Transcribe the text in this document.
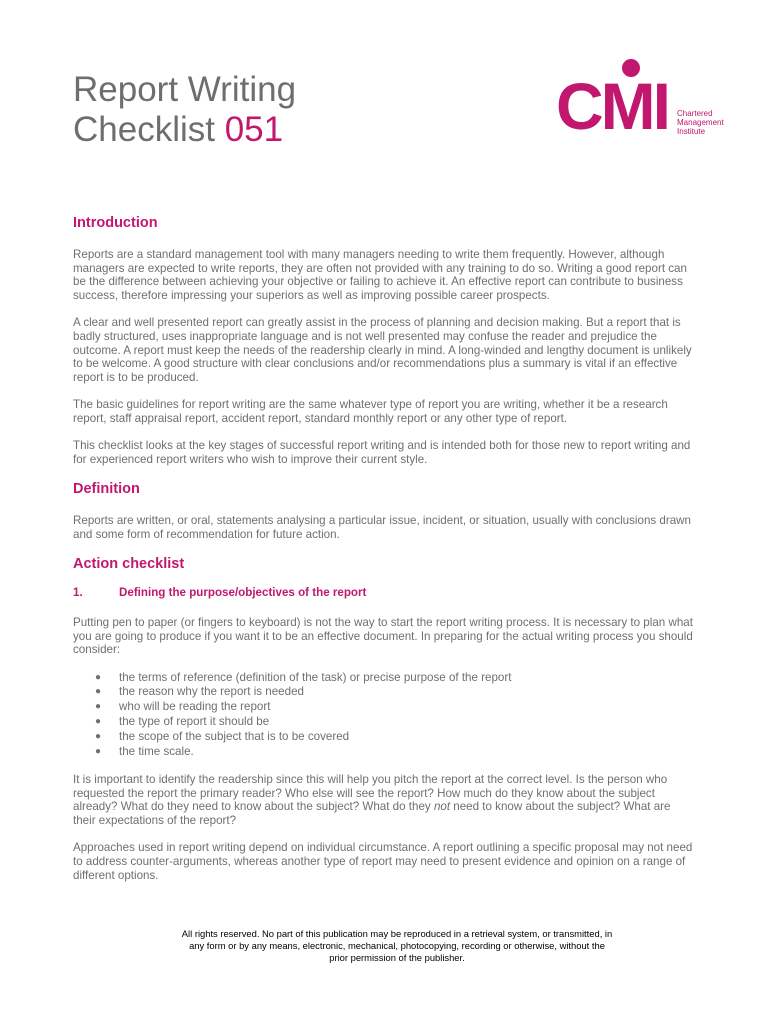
Report Writing
Checklist 051	CMI Chartered
Management
Institute
Introduction

Reports are a standard management tool with many managers needing to write them frequently. However, although managers are expected to write reports, they are often not provided with any training to do so. Writing a good report can be the difference between achieving your objective or failing to achieve it. An effective report can contribute to business success, therefore impressing your superiors as well as improving possible career prospects.

A clear and well presented report can greatly assist in the process of planning and decision making. But a report that is badly structured, uses inappropriate language and is not well presented may confuse the reader and prejudice the outcome. A report must keep the needs of the readership clearly in mind. A long-winded and lengthy document is unlikely to be welcome. A good structure with clear conclusions and/or recommendations plus a summary is vital if an effective report is to be produced.

The basic guidelines for report writing are the same whatever type of report you are writing, whether it be a research report, staff appraisal report, accident report, standard monthly report or any other type of report.

This checklist looks at the key stages of successful report writing and is intended both for those new to report writing and for experienced report writers who wish to improve their current style.

Definition

Reports are written, or oral, statements analysing a particular issue, incident, or situation, usually with conclusions drawn and some form of recommendation for future action.

Action checklist
1.	Defining the purpose/objectives of the report

Putting pen to paper (or fingers to keyboard) is not the way to start the report writing process. It is necessary to plan what you are going to produce if you want it to be an effective document. In preparing for the actual writing process you should consider:

● the terms of reference (definition of the task) or precise purpose of the report
● the reason why the report is needed
● who will be reading the report
● the type of report it should be
● the scope of the subject that is to be covered
● the time scale.

It is important to identify the readership since this will help you pitch the report at the correct level. Is the person who requested the report the primary reader? Who else will see the report? How much do they know about the subject already? What do they need to know about the subject? What do they not need to know about the subject? What are their expectations of the report?

Approaches used in report writing depend on individual circumstance. A report outlining a specific proposal may not need to address counter-arguments, whereas another type of report may need to present evidence and opinion on a range of different options.

All rights reserved. No part of this publication may be reproduced in a retrieval system, or transmitted, in
any form or by any means, electronic, mechanical, photocopying, recording or otherwise, without the
prior permission of the publisher.
